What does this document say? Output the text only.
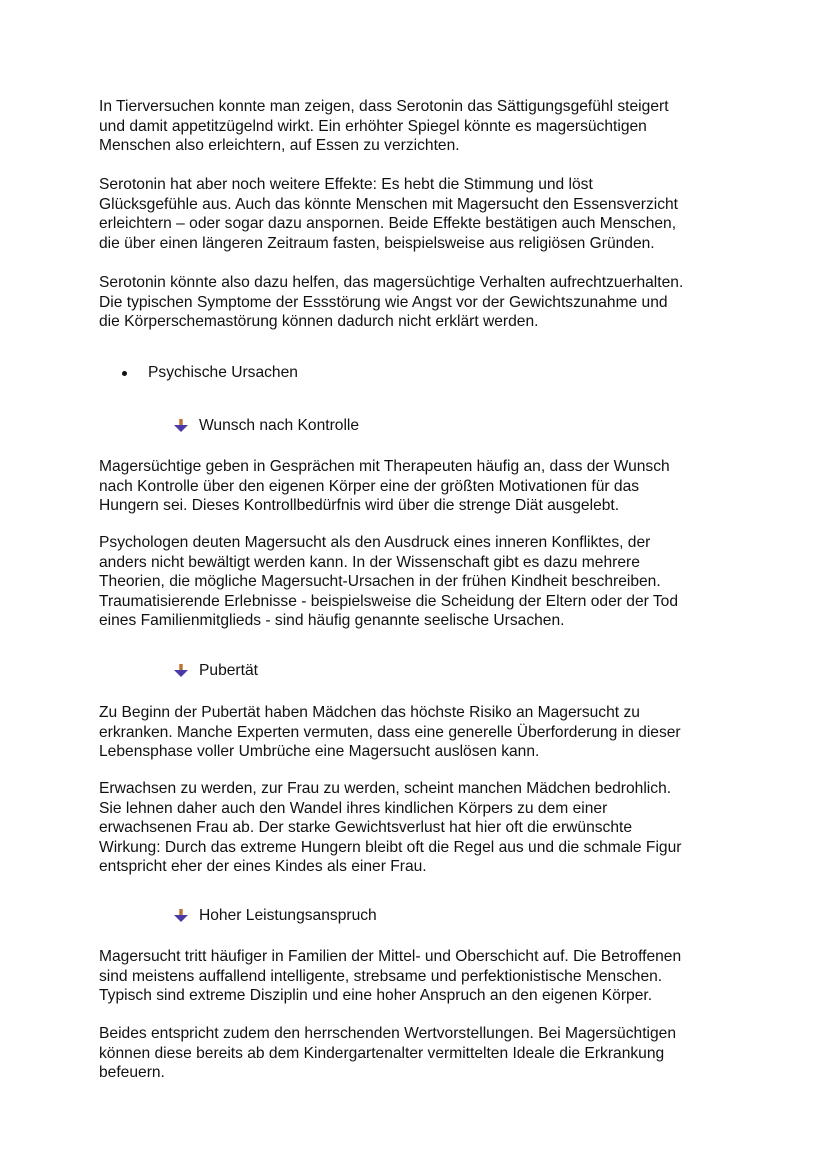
In Tierversuchen konnte man zeigen, dass Serotonin das Sättigungsgefühl steigert
und damit appetitzügelnd wirkt. Ein erhöhter Spiegel könnte es magersüchtigen
Menschen also erleichtern, auf Essen zu verzichten.
Serotonin hat aber noch weitere Effekte: Es hebt die Stimmung und löst
Glücksgefühle aus. Auch das könnte Menschen mit Magersucht den Essensverzicht
erleichtern – oder sogar dazu anspornen. Beide Effekte bestätigen auch Menschen,
die über einen längeren Zeitraum fasten, beispielsweise aus religiösen Gründen.
Serotonin könnte also dazu helfen, das magersüchtige Verhalten aufrechtzuerhalten.
Die typischen Symptome der Essstörung wie Angst vor der Gewichtszunahme und
die Körperschemastörung können dadurch nicht erklärt werden.
Psychische Ursachen
Wunsch nach Kontrolle
Magersüchtige geben in Gesprächen mit Therapeuten häufig an, dass der Wunsch
nach Kontrolle über den eigenen Körper eine der größten Motivationen für das
Hungern sei. Dieses Kontrollbedürfnis wird über die strenge Diät ausgelebt.
Psychologen deuten Magersucht als den Ausdruck eines inneren Konfliktes, der
anders nicht bewältigt werden kann. In der Wissenschaft gibt es dazu mehrere
Theorien, die mögliche Magersucht-Ursachen in der frühen Kindheit beschreiben.
Traumatisierende Erlebnisse - beispielsweise die Scheidung der Eltern oder der Tod
eines Familienmitglieds - sind häufig genannte seelische Ursachen.
Pubertät
Zu Beginn der Pubertät haben Mädchen das höchste Risiko an Magersucht zu
erkranken. Manche Experten vermuten, dass eine generelle Überforderung in dieser
Lebensphase voller Umbrüche eine Magersucht auslösen kann.
Erwachsen zu werden, zur Frau zu werden, scheint manchen Mädchen bedrohlich.
Sie lehnen daher auch den Wandel ihres kindlichen Körpers zu dem einer
erwachsenen Frau ab. Der starke Gewichtsverlust hat hier oft die erwünschte
Wirkung: Durch das extreme Hungern bleibt oft die Regel aus und die schmale Figur
entspricht eher der eines Kindes als einer Frau.
Hoher Leistungsanspruch
Magersucht tritt häufiger in Familien der Mittel- und Oberschicht auf. Die Betroffenen
sind meistens auffallend intelligente, strebsame und perfektionistische Menschen.
Typisch sind extreme Disziplin und eine hoher Anspruch an den eigenen Körper.
Beides entspricht zudem den herrschenden Wertvorstellungen. Bei Magersüchtigen
können diese bereits ab dem Kindergartenalter vermittelten Ideale die Erkrankung
befeuern.
